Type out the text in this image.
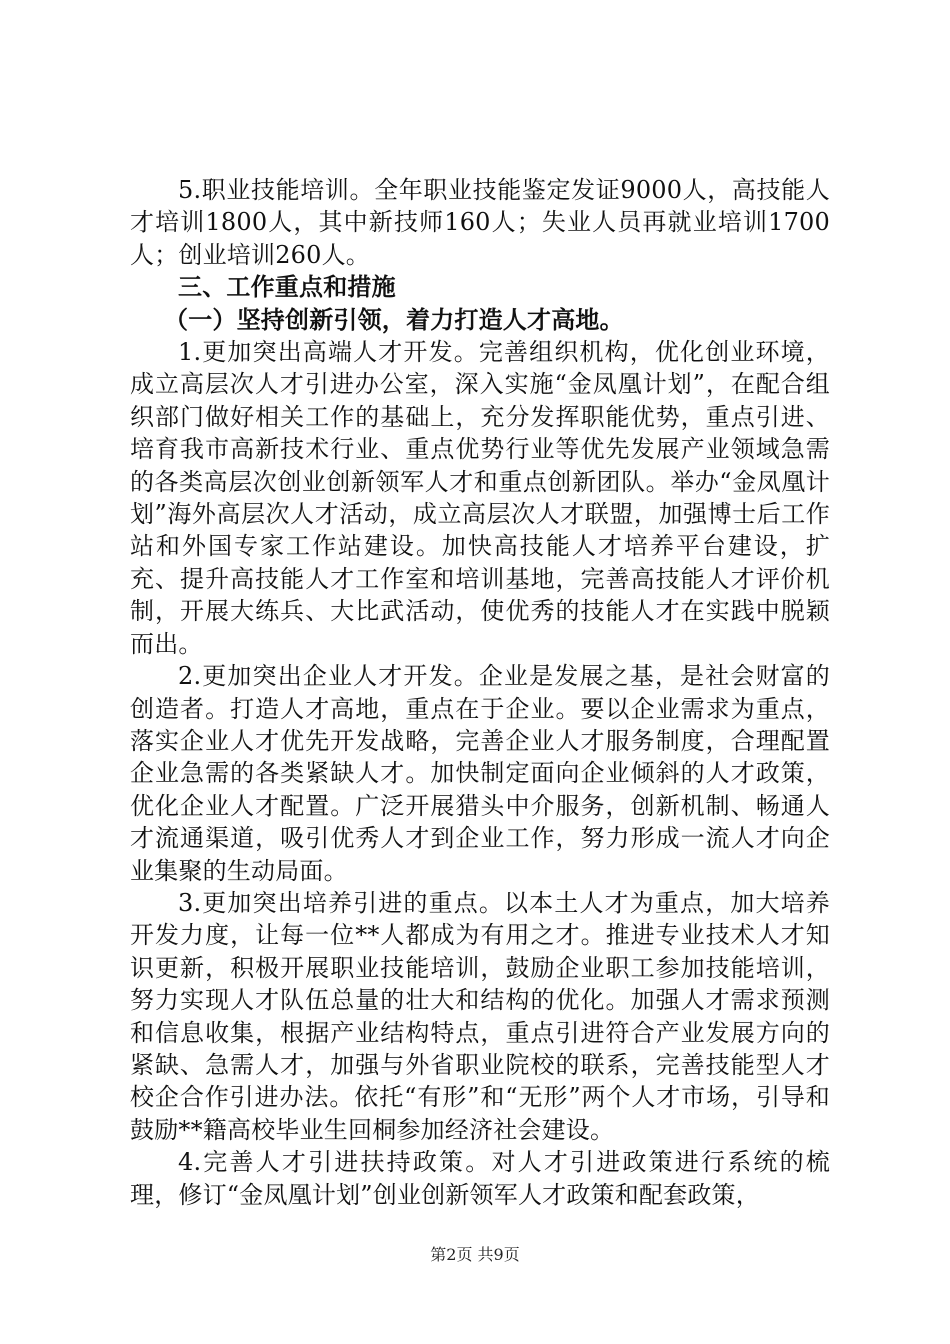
5.职业技能培训。全年职业技能鉴定发证9000人，高技能人才培训1800人，其中新技师160人；失业人员再就业培训1700人；创业培训260人。

三、工作重点和措施

（一）坚持创新引领，着力打造人才高地。

1.更加突出高端人才开发。完善组织机构，优化创业环境，成立高层次人才引进办公室，深入实施“金凤凰计划”，在配合组织部门做好相关工作的基础上，充分发挥职能优势，重点引进、培育我市高新技术行业、重点优势行业等优先发展产业领域急需的各类高层次创业创新领军人才和重点创新团队。举办“金凤凰计划”海外高层次人才活动，成立高层次人才联盟，加强博士后工作站和外国专家工作站建设。加快高技能人才培养平台建设，扩充、提升高技能人才工作室和培训基地，完善高技能人才评价机制，开展大练兵、大比武活动，使优秀的技能人才在实践中脱颖而出。

2.更加突出企业人才开发。企业是发展之基，是社会财富的创造者。打造人才高地，重点在于企业。要以企业需求为重点，落实企业人才优先开发战略，完善企业人才服务制度，合理配置企业急需的各类紧缺人才。加快制定面向企业倾斜的人才政策，优化企业人才配置。广泛开展猎头中介服务，创新机制、畅通人才流通渠道，吸引优秀人才到企业工作，努力形成一流人才向企业集聚的生动局面。

3.更加突出培养引进的重点。以本土人才为重点，加大培养开发力度，让每一位**人都成为有用之才。推进专业技术人才知识更新，积极开展职业技能培训，鼓励企业职工参加技能培训，努力实现人才队伍总量的壮大和结构的优化。加强人才需求预测和信息收集，根据产业结构特点，重点引进符合产业发展方向的紧缺、急需人才，加强与外省职业院校的联系，完善技能型人才校企合作引进办法。依托“有形”和“无形”两个人才市场，引导和鼓励**籍高校毕业生回桐参加经济社会建设。

4.完善人才引进扶持政策。对人才引进政策进行系统的梳理，修订“金凤凰计划”创业创新领军人才政策和配套政策，

第2页 共9页
